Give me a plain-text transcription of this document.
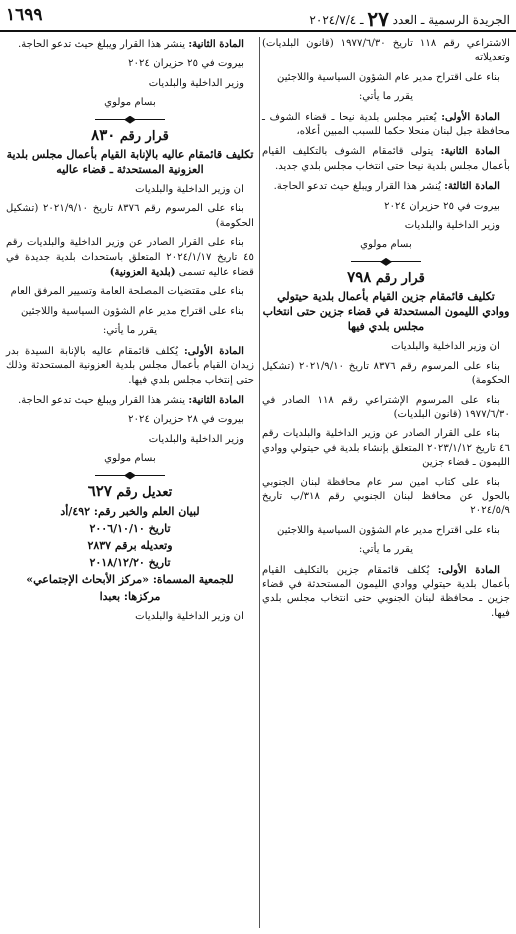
الجريدة الرسمية ـ العدد ٢٧ ـ ٢٠٢٤/٧/٤
١٦٩٩

الاشتراعي رقم ١١٨ تاريخ ١٩٧٧/٦/٣٠ (قانون البلديات) وتعديلاته

بناء على اقتراح مدير عام الشؤون السياسية واللاجئين

يقرر ما يأتي:

المادة الأولى: يُعتبر مجلس بلدية نيحا ـ قضاء الشوف ـ محافظة جبل لبنان منحلا حكما للسبب المبين أعلاه،

المادة الثانية: يتولى قائمقام الشوف بالتكليف القيام بأعمال مجلس بلدية نيحا حتى انتخاب مجلس بلدي جديد.

المادة الثالثة: يُنشر هذا القرار ويبلغ حيث تدعو الحاجة.

بيروت في ٢٥ حزيران ٢٠٢٤

وزير الداخلية والبلديات

بسام مولوي

قرار رقم ٧٩٨
تكليف قائمقام جزين القيام بأعمال بلدية حيتولي ووادي الليمون المستحدثة في قضاء جزين حتى انتخاب مجلس بلدي فيها

ان وزير الداخلية والبلديات

بناء على المرسوم رقم ٨٣٧٦ تاريخ ٢٠٢١/٩/١٠ (تشكيل الحكومة)

بناء على المرسوم الإشتراعي رقم ١١٨ الصادر في ١٩٧٧/٦/٣٠ (قانون البلديات)

بناء على القرار الصادر عن وزير الداخلية والبلديات رقم ٤٦ تاريخ ٢٠٢٣/١/١٢ المتعلق بإنشاء بلدية في حيتولي ووادي الليمون ـ قضاء جزين

بناء على كتاب امين سر عام محافظة لبنان الجنوبي بالحول عن محافظ لبنان الجنوبي رقم ٣١٨/ب تاريخ ٢٠٢٤/٥/٩

بناء على اقتراح مدير عام الشؤون السياسية واللاجئين

يقرر ما يأتي:

المادة الأولى: يُكلف قائمقام جزين بالتكليف القيام بأعمال بلدية حيتولي ووادي الليمون المستحدثة في قضاء جزين ـ محافظة لبنان الجنوبي حتى انتخاب مجلس بلدي فيها.

المادة الثانية: ينشر هذا القرار ويبلغ حيث تدعو الحاجة.

بيروت في ٢٥ حزيران ٢٠٢٤

وزير الداخلية والبلديات

بسام مولوي

قرار رقم ٨٣٠
تكليف قائمقام عاليه بالإنابة القيام بأعمال مجلس بلدية العزونية المستحدثة ـ قضاء عاليه

ان وزير الداخلية والبلديات

بناء على المرسوم رقم ٨٣٧٦ تاريخ ٢٠٢١/٩/١٠ (تشكيل الحكومة)

بناء على القرار الصادر عن وزير الداخلية والبلديات رقم ٤٥ تاريخ ٢٠٢٤/١/١٧ المتعلق باستحداث بلدية جديدة في قضاء عاليه تسمى (بلدية العزونية)

بناء على مقتضيات المصلحة العامة وتسيير المرفق العام

بناء على اقتراح مدير عام الشؤون السياسية واللاجئين

يقرر ما يأتي:

المادة الأولى: يُكلف قائمقام عاليه بالإنابة السيدة بدر زيدان القيام بأعمال مجلس بلدية العزونية المستحدثة وذلك حتى إنتخاب مجلس بلدي فيها.

المادة الثانية: ينشر هذا القرار ويبلغ حيث تدعو الحاجة.

بيروت في ٢٨ حزيران ٢٠٢٤

وزير الداخلية والبلديات

بسام مولوي

تعديل رقم ٦٢٧

لبيان العلم والخبر رقم: ٤٩٢/أد

تاريخ ٢٠٠٦/١٠/١٠

وتعديله برقم ٢٨٣٧

تاريخ ٢٠١٨/١٢/٢٠

للجمعية المسماة: «مركز الأبحاث الإجتماعي»

مركزها: بعبدا

ان وزير الداخلية والبلديات
